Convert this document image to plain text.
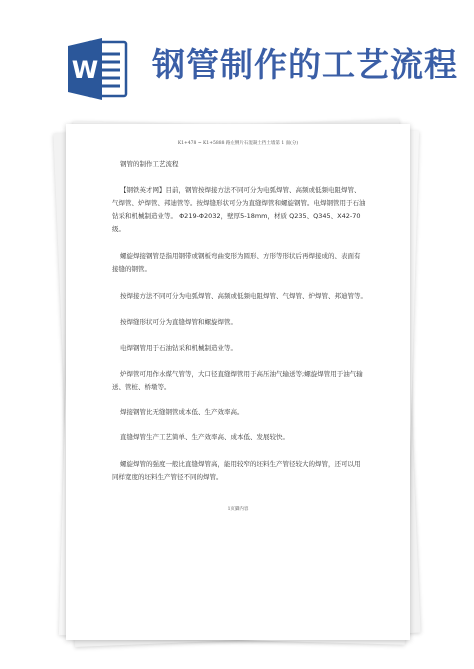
W 钢管制作的工艺流程
K1+478 ~ K1+5888 路左侧片石混凝土挡土墙第 1 面(分)
钢管的制作工艺流程
【钢铁英才网】目前，钢管按焊接方法不同可分为电弧焊管、高频或低频电阻焊管、
气焊管、炉焊管、邦迪管等。按焊缝形状可分为直缝焊管和螺旋钢管。电焊钢管用于石油
钻采和机械制造业等。 Φ219-Φ2032，壁厚5-18mm，材质 Q235、Q345、X42-70
级。
螺旋焊接钢管是指用钢带或钢板弯曲变形为圆形、方形等形状后再焊接成的、表面有
接缝的钢管。
按焊接方法不同可分为电弧焊管、高频或低频电阻焊管、气焊管、炉焊管、邦迪管等。
按焊缝形状可分为直缝焊管和螺旋焊管。
电焊钢管用于石油钻采和机械制造业等。
炉焊管可用作水煤气管等，大口径直缝焊管用于高压油气输送等;螺旋焊管用于油气输
送、管桩、桥墩等。
焊接钢管比无缝钢管成本低、生产效率高。
直缝焊管生产工艺简单、生产效率高、成本低、发展较快。
螺旋焊管的强度一般比直缝焊管高，能用较窄的坯料生产管径较大的焊管，还可以用
同样宽度的坯料生产管径不同的焊管。
1页脚内容
